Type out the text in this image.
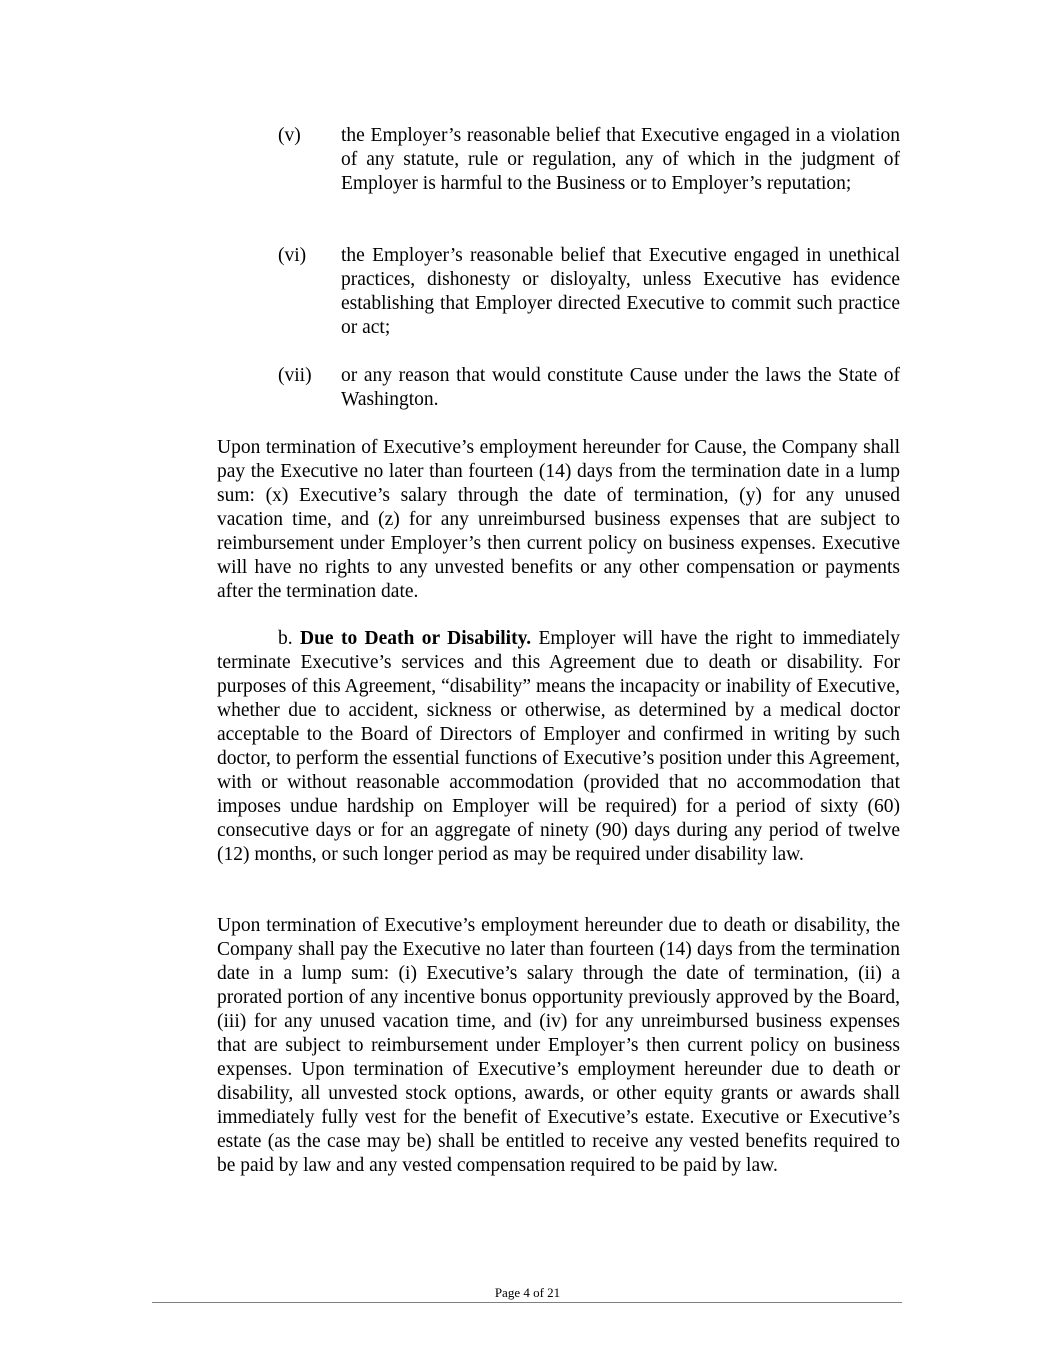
(v) the Employer’s reasonable belief that Executive engaged in a violation of any statute, rule or regulation, any of which in the judgment of Employer is harmful to the Business or to Employer’s reputation;
(vi) the Employer’s reasonable belief that Executive engaged in unethical practices, dishonesty or disloyalty, unless Executive has evidence establishing that Employer directed Executive to commit such practice or act;
(vii) or any reason that would constitute Cause under the laws the State of Washington.
Upon termination of Executive’s employment hereunder for Cause, the Company shall pay the Executive no later than fourteen (14) days from the termination date in a lump sum: (x) Executive’s salary through the date of termination, (y) for any unused vacation time, and (z) for any unreimbursed business expenses that are subject to reimbursement under Employer’s then current policy on business expenses. Executive will have no rights to any unvested benefits or any other compensation or payments after the termination date.
b. Due to Death or Disability. Employer will have the right to immediately terminate Executive’s services and this Agreement due to death or disability. For purposes of this Agreement, “disability” means the incapacity or inability of Executive, whether due to accident, sickness or otherwise, as determined by a medical doctor acceptable to the Board of Directors of Employer and confirmed in writing by such doctor, to perform the essential functions of Executive’s position under this Agreement, with or without reasonable accommodation (provided that no accommodation that imposes undue hardship on Employer will be required) for a period of sixty (60) consecutive days or for an aggregate of ninety (90) days during any period of twelve (12) months, or such longer period as may be required under disability law.
Upon termination of Executive’s employment hereunder due to death or disability, the Company shall pay the Executive no later than fourteen (14) days from the termination date in a lump sum: (i) Executive’s salary through the date of termination, (ii) a prorated portion of any incentive bonus opportunity previously approved by the Board, (iii) for any unused vacation time, and (iv) for any unreimbursed business expenses that are subject to reimbursement under Employer’s then current policy on business expenses. Upon termination of Executive’s employment hereunder due to death or disability, all unvested stock options, awards, or other equity grants or awards shall immediately fully vest for the benefit of Executive’s estate. Executive or Executive’s estate (as the case may be) shall be entitled to receive any vested benefits required to be paid by law and any vested compensation required to be paid by law.
Page 4 of 21
